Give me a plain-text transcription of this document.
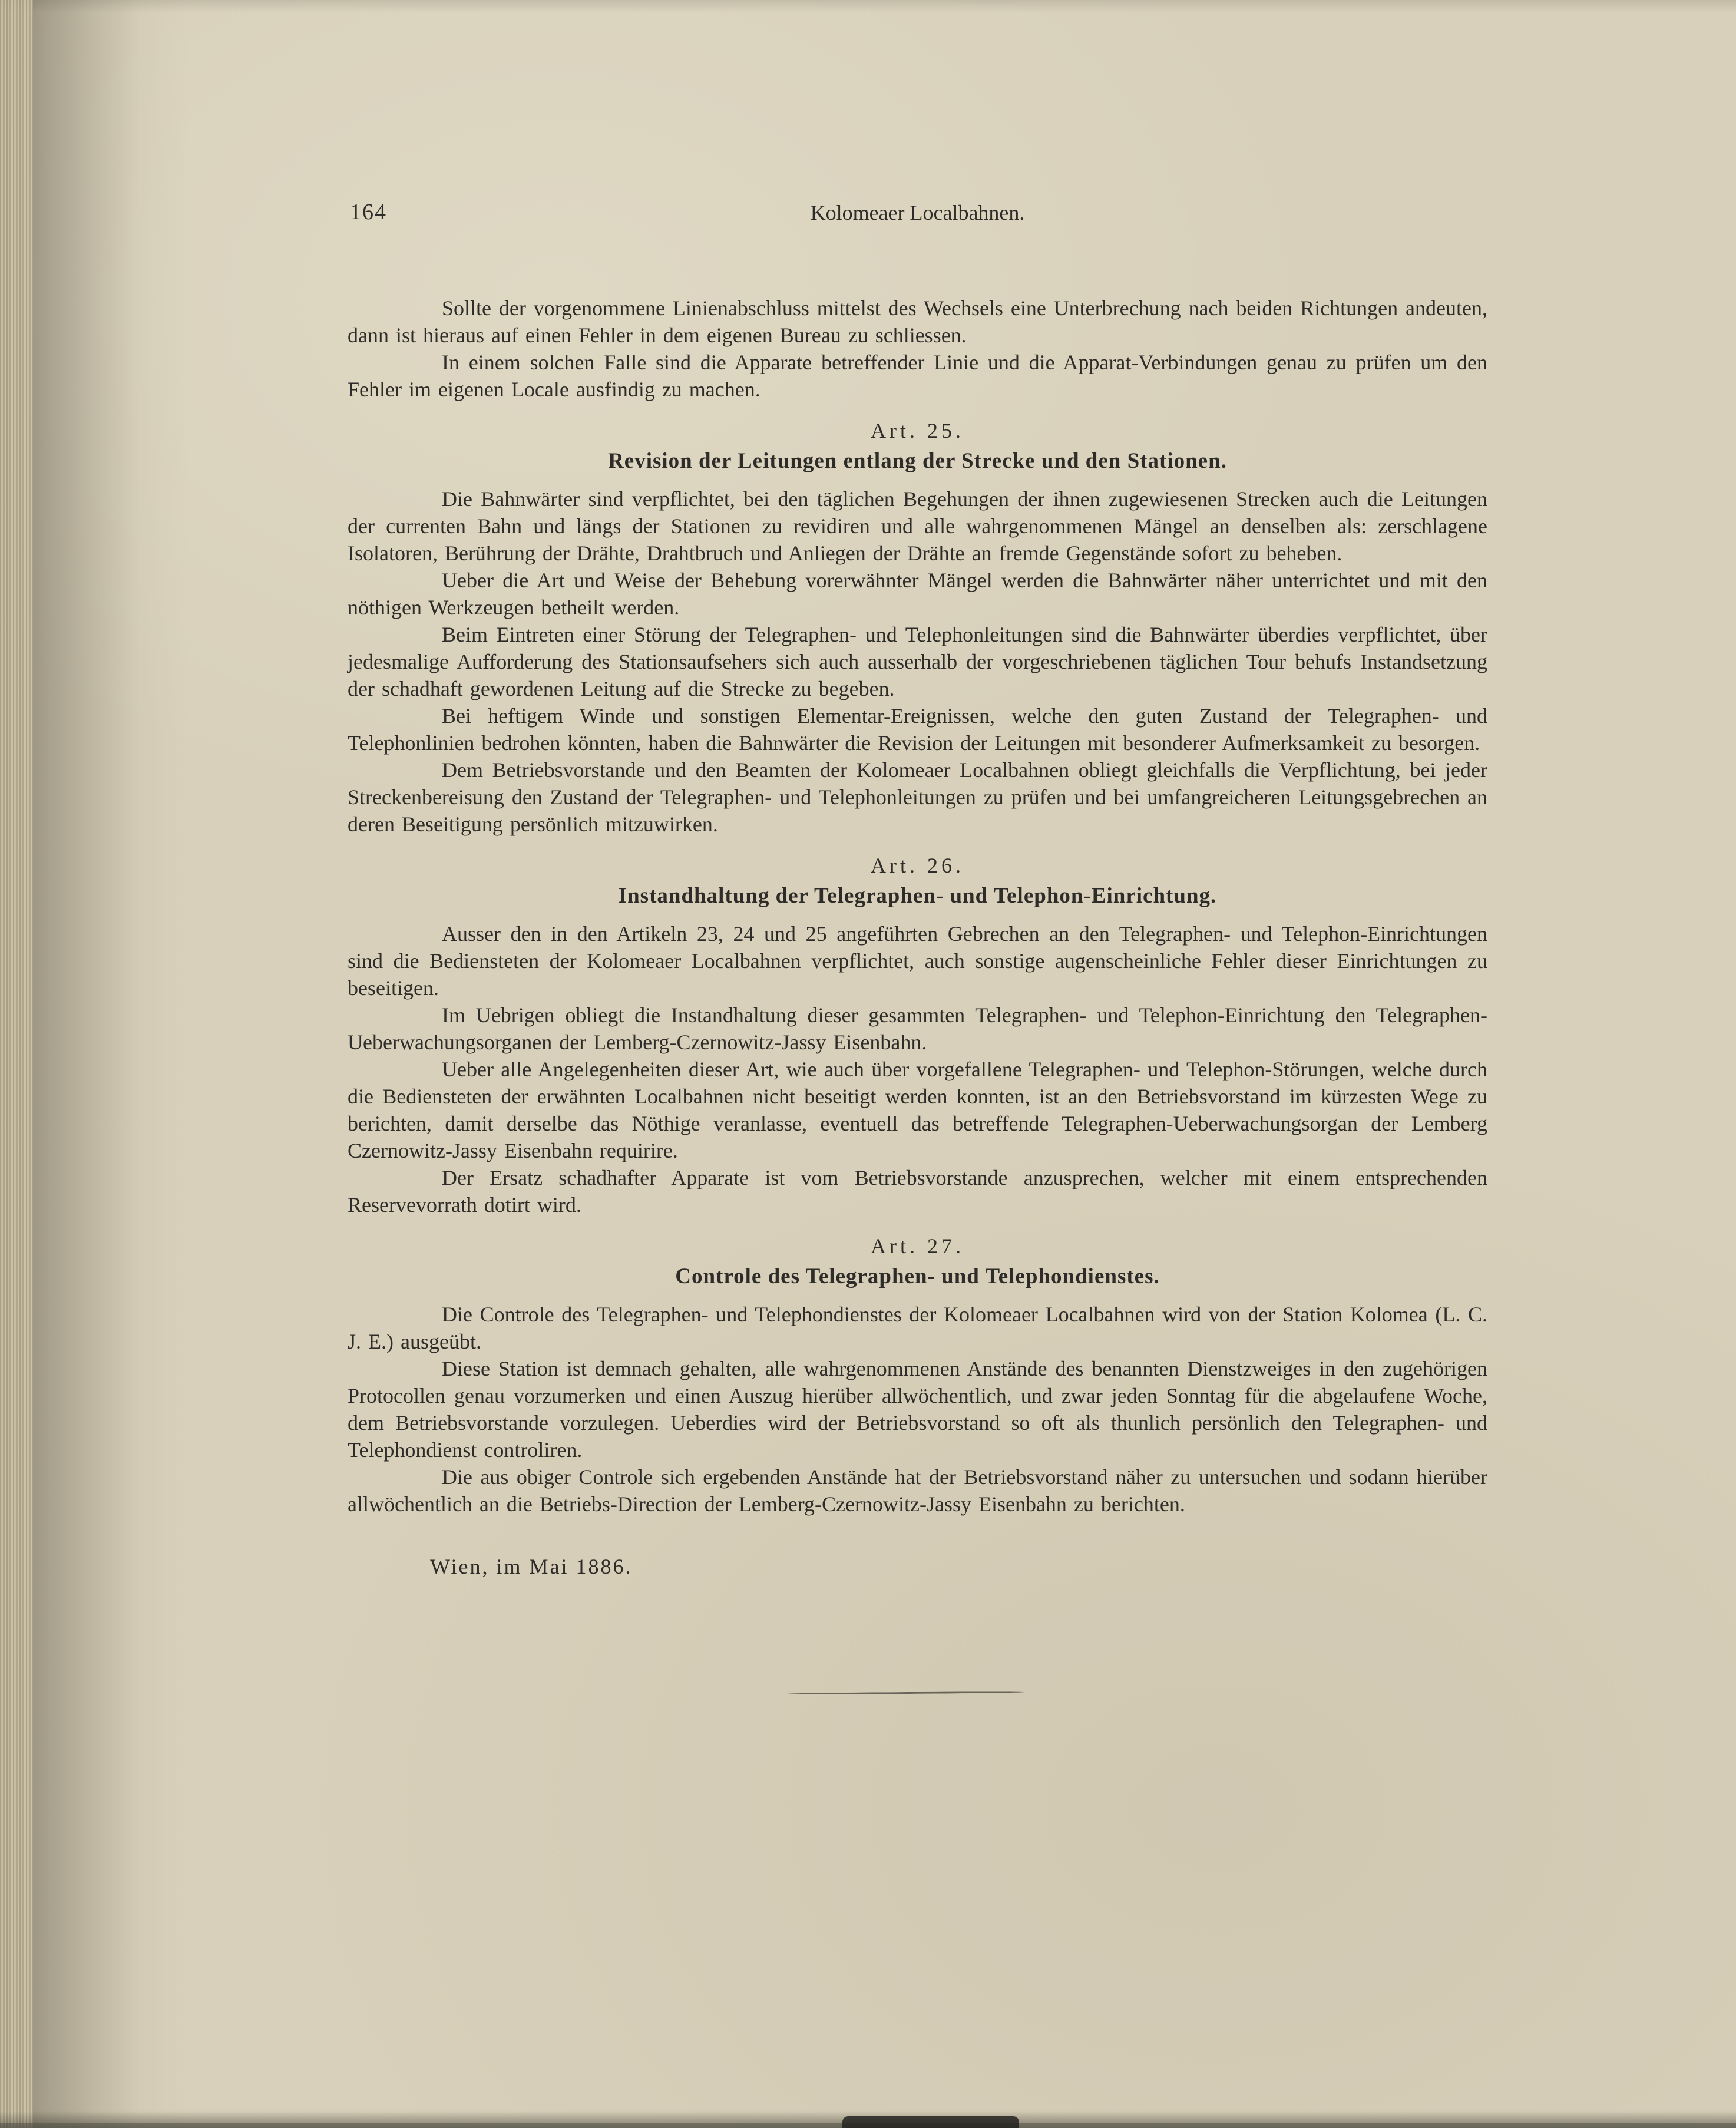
164	Kolomeaer Localbahnen.
Sollte der vorgenommene Linienabschluss mittelst des Wechsels eine Unterbrechung nach beiden Richtungen andeuten, dann ist hieraus auf einen Fehler in dem eigenen Bureau zu schliessen.
In einem solchen Falle sind die Apparate betreffender Linie und die Apparat-Verbindungen genau zu prüfen um den Fehler im eigenen Locale ausfindig zu machen.
Art. 25.
Revision der Leitungen entlang der Strecke und den Stationen.
Die Bahnwärter sind verpflichtet, bei den täglichen Begehungen der ihnen zugewiesenen Strecken auch die Leitungen der currenten Bahn und längs der Stationen zu revidiren und alle wahrgenommenen Mängel an denselben als: zerschlagene Isolatoren, Berührung der Drähte, Drahtbruch und Anliegen der Drähte an fremde Gegenstände sofort zu beheben.
Ueber die Art und Weise der Behebung vorerwähnter Mängel werden die Bahnwärter näher unterrichtet und mit den nöthigen Werkzeugen betheilt werden.
Beim Eintreten einer Störung der Telegraphen- und Telephonleitungen sind die Bahnwärter überdies verpflichtet, über jedesmalige Aufforderung des Stationsaufsehers sich auch ausserhalb der vorgeschriebenen täglichen Tour behufs Instandsetzung der schadhaft gewordenen Leitung auf die Strecke zu begeben.
Bei heftigem Winde und sonstigen Elementar-Ereignissen, welche den guten Zustand der Telegraphen- und Telephonlinien bedrohen könnten, haben die Bahnwärter die Revision der Leitungen mit besonderer Aufmerksamkeit zu besorgen.
Dem Betriebsvorstande und den Beamten der Kolomeaer Localbahnen obliegt gleichfalls die Verpflichtung, bei jeder Streckenbereisung den Zustand der Telegraphen- und Telephonleitungen zu prüfen und bei umfangreicheren Leitungsgebrechen an deren Beseitigung persönlich mitzuwirken.
Art. 26.
Instandhaltung der Telegraphen- und Telephon-Einrichtung.
Ausser den in den Artikeln 23, 24 und 25 angeführten Gebrechen an den Telegraphen- und Telephon-Einrichtungen sind die Bediensteten der Kolomeaer Localbahnen verpflichtet, auch sonstige augenscheinliche Fehler dieser Einrichtungen zu beseitigen.
Im Uebrigen obliegt die Instandhaltung dieser gesammten Telegraphen- und Telephon-Einrichtung den Telegraphen-Ueberwachungsorganen der Lemberg-Czernowitz-Jassy Eisenbahn.
Ueber alle Angelegenheiten dieser Art, wie auch über vorgefallene Telegraphen- und Telephon-Störungen, welche durch die Bediensteten der erwähnten Localbahnen nicht beseitigt werden konnten, ist an den Betriebsvorstand im kürzesten Wege zu berichten, damit derselbe das Nöthige veranlasse, eventuell das betreffende Telegraphen-Ueberwachungsorgan der Lemberg Czernowitz-Jassy Eisenbahn requirire.
Der Ersatz schadhafter Apparate ist vom Betriebsvorstande anzusprechen, welcher mit einem entsprechenden Reservevorrath dotirt wird.
Art. 27.
Controle des Telegraphen- und Telephondienstes.
Die Controle des Telegraphen- und Telephondienstes der Kolomeaer Localbahnen wird von der Station Kolomea (L. C. J. E.) ausgeübt.
Diese Station ist demnach gehalten, alle wahrgenommenen Anstände des benannten Dienstzweiges in den zugehörigen Protocollen genau vorzumerken und einen Auszug hierüber allwöchentlich, und zwar jeden Sonntag für die abgelaufene Woche, dem Betriebsvorstande vorzulegen. Ueberdies wird der Betriebsvorstand so oft als thunlich persönlich den Telegraphen- und Telephondienst controliren.
Die aus obiger Controle sich ergebenden Anstände hat der Betriebsvorstand näher zu untersuchen und sodann hierüber allwöchentlich an die Betriebs-Direction der Lemberg-Czernowitz-Jassy Eisenbahn zu berichten.
Wien, im Mai 1886.
